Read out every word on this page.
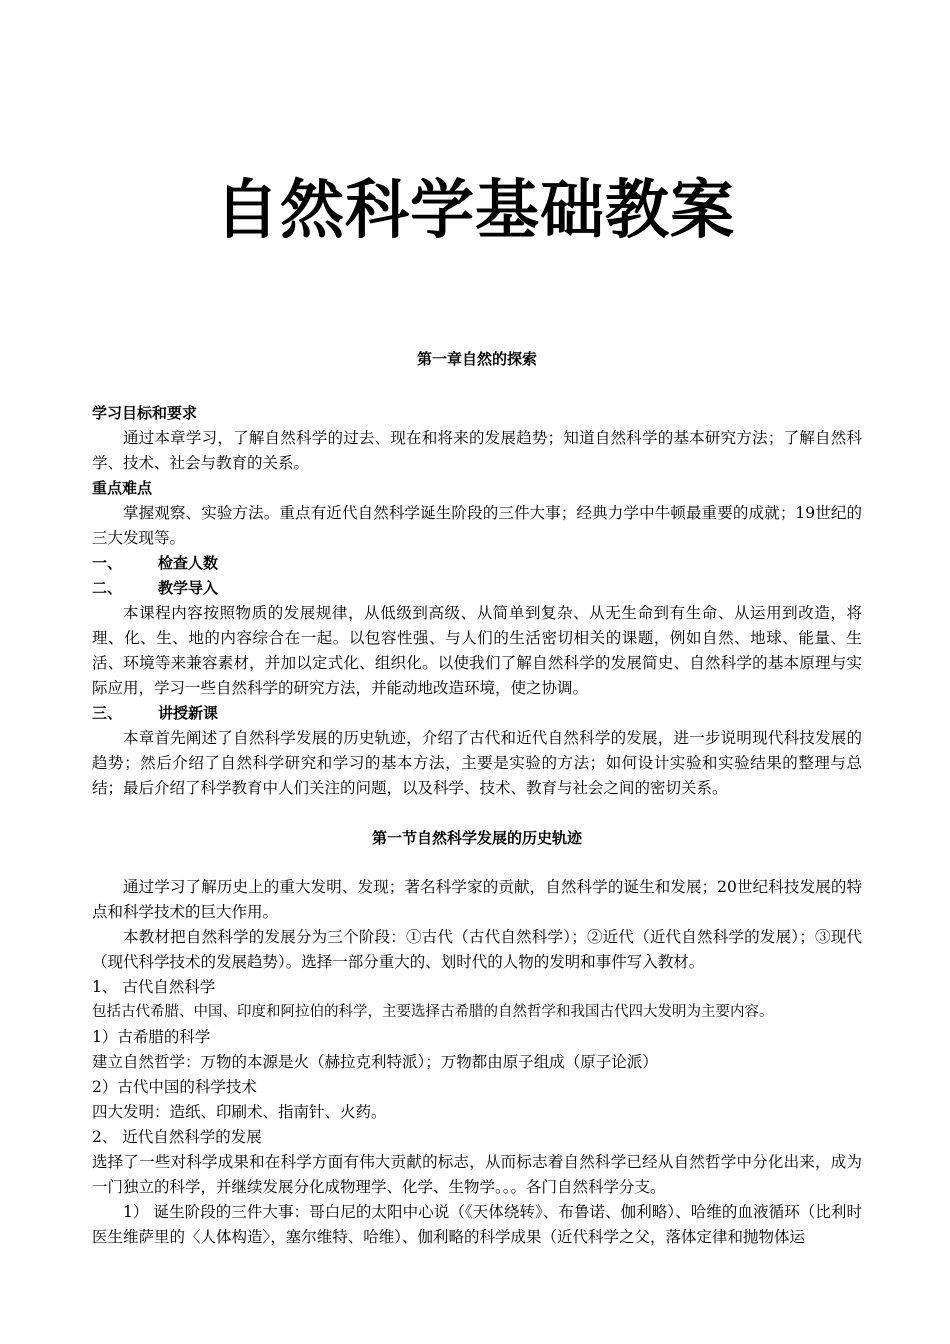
自然科学基础教案
第一章自然的探索
学习目标和要求

通过本章学习，了解自然科学的过去、现在和将来的发展趋势；知道自然科学的基本研究方法；了解自然科学、技术、社会与教育的关系。

重点难点

掌握观察、实验方法。重点有近代自然科学诞生阶段的三件大事；经典力学中牛顿最重要的成就；19世纪的三大发现等。

一、 检查人数
二、 教学导入

本课程内容按照物质的发展规律，从低级到高级、从简单到复杂、从无生命到有生命、从运用到改造，将理、化、生、地的内容综合在一起。以包容性强、与人们的生活密切相关的课题，例如自然、地球、能量、生活、环境等来兼容素材，并加以定式化、组织化。以使我们了解自然科学的发展简史、自然科学的基本原理与实际应用，学习一些自然科学的研究方法，并能动地改造环境，使之协调。

三、 讲授新课

本章首先阐述了自然科学发展的历史轨迹，介绍了古代和近代自然科学的发展，进一步说明现代科技发展的趋势；然后介绍了自然科学研究和学习的基本方法，主要是实验的方法；如何设计实验和实验结果的整理与总结；最后介绍了科学教育中人们关注的问题，以及科学、技术、教育与社会之间的密切关系。

第一节自然科学发展的历史轨迹

通过学习了解历史上的重大发明、发现；著名科学家的贡献，自然科学的诞生和发展；20世纪科技发展的特点和科学技术的巨大作用。

本教材把自然科学的发展分为三个阶段：①古代（古代自然科学）；②近代（近代自然科学的发展）；③现代（现代科学技术的发展趋势）。选择一部分重大的、划时代的人物的发明和事件写入教材。

1、 古代自然科学

包括古代希腊、中国、印度和阿拉伯的科学，主要选择古希腊的自然哲学和我国古代四大发明为主要内容。

1）古希腊的科学

建立自然哲学：万物的本源是火（赫拉克利特派）；万物都由原子组成（原子论派）

2）古代中国的科学技术

四大发明：造纸、印刷术、指南针、火药。

2、 近代自然科学的发展

选择了一些对科学成果和在科学方面有伟大贡献的标志，从而标志着自然科学已经从自然哲学中分化出来，成为一门独立的科学，并继续发展分化成物理学、化学、生物学。。。各门自然科学分支。

1） 诞生阶段的三件大事：哥白尼的太阳中心说（《天体绕转》、布鲁诺、伽利略）、哈维的血液循环（比利时医生维萨里的〈人体构造〉，塞尔维特、哈维）、伽利略的科学成果（近代科学之父，落体定律和抛物体运
